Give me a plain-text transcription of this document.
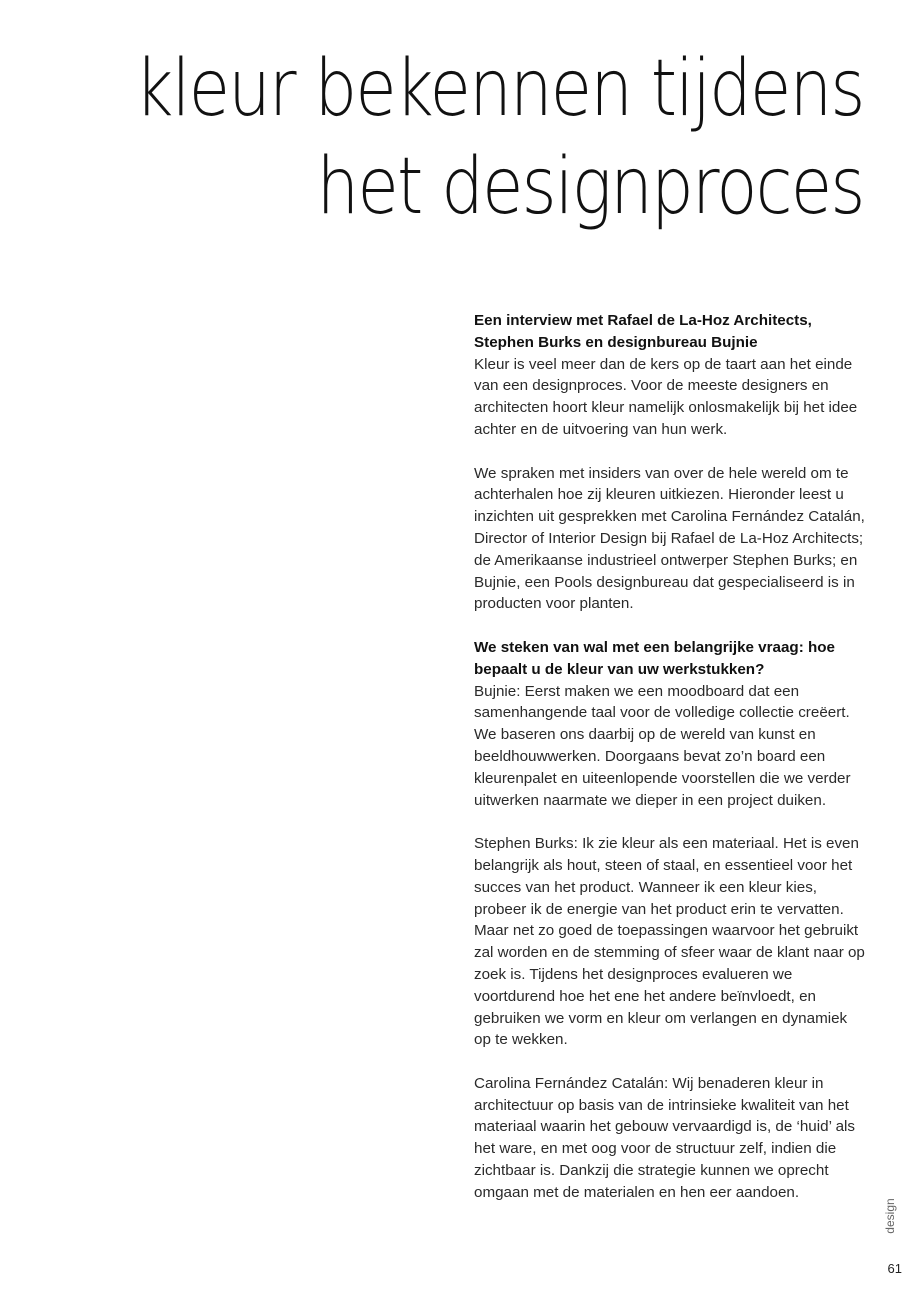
kleur bekennen tijdens
het designproces
Een interview met Rafael de La-Hoz Architects, Stephen Burks en designbureau Bujnie
Kleur is veel meer dan de kers op de taart aan het einde van een designproces. Voor de meeste designers en architecten hoort kleur namelijk onlosmakelijk bij het idee achter en de uitvoering van hun werk.
We spraken met insiders van over de hele wereld om te achterhalen hoe zij kleuren uitkiezen. Hieronder leest u inzichten uit gesprekken met Carolina Fernández Catalán, Director of Interior Design bij Rafael de La-Hoz Architects; de Amerikaanse industrieel ontwerper Stephen Burks; en Bujnie, een Pools designbureau dat gespecialiseerd is in producten voor planten.
We steken van wal met een belangrijke vraag: hoe bepaalt u de kleur van uw werkstukken?
Bujnie: Eerst maken we een moodboard dat een samenhangende taal voor de volledige collectie creëert. We baseren ons daarbij op de wereld van kunst en beeldhouwwerken. Doorgaans bevat zo’n board een kleurenpalet en uiteenlopende voorstellen die we verder uitwerken naarmate we dieper in een project duiken.
Stephen Burks: Ik zie kleur als een materiaal. Het is even belangrijk als hout, steen of staal, en essentieel voor het succes van het product. Wanneer ik een kleur kies, probeer ik de energie van het product erin te vervatten. Maar net zo goed de toepassingen waarvoor het gebruikt zal worden en de stemming of sfeer waar de klant naar op zoek is. Tijdens het designproces evalueren we voortdurend hoe het ene het andere beïnvloedt, en gebruiken we vorm en kleur om verlangen en dynamiek op te wekken.
Carolina Fernández Catalán: Wij benaderen kleur in architectuur op basis van de intrinsieke kwaliteit van het materiaal waarin het gebouw vervaardigd is, de ‘huid’ als het ware, en met oog voor de structuur zelf, indien die zichtbaar is. Dankzij die strategie kunnen we oprecht omgaan met de materialen en hen eer aandoen.
design
61
